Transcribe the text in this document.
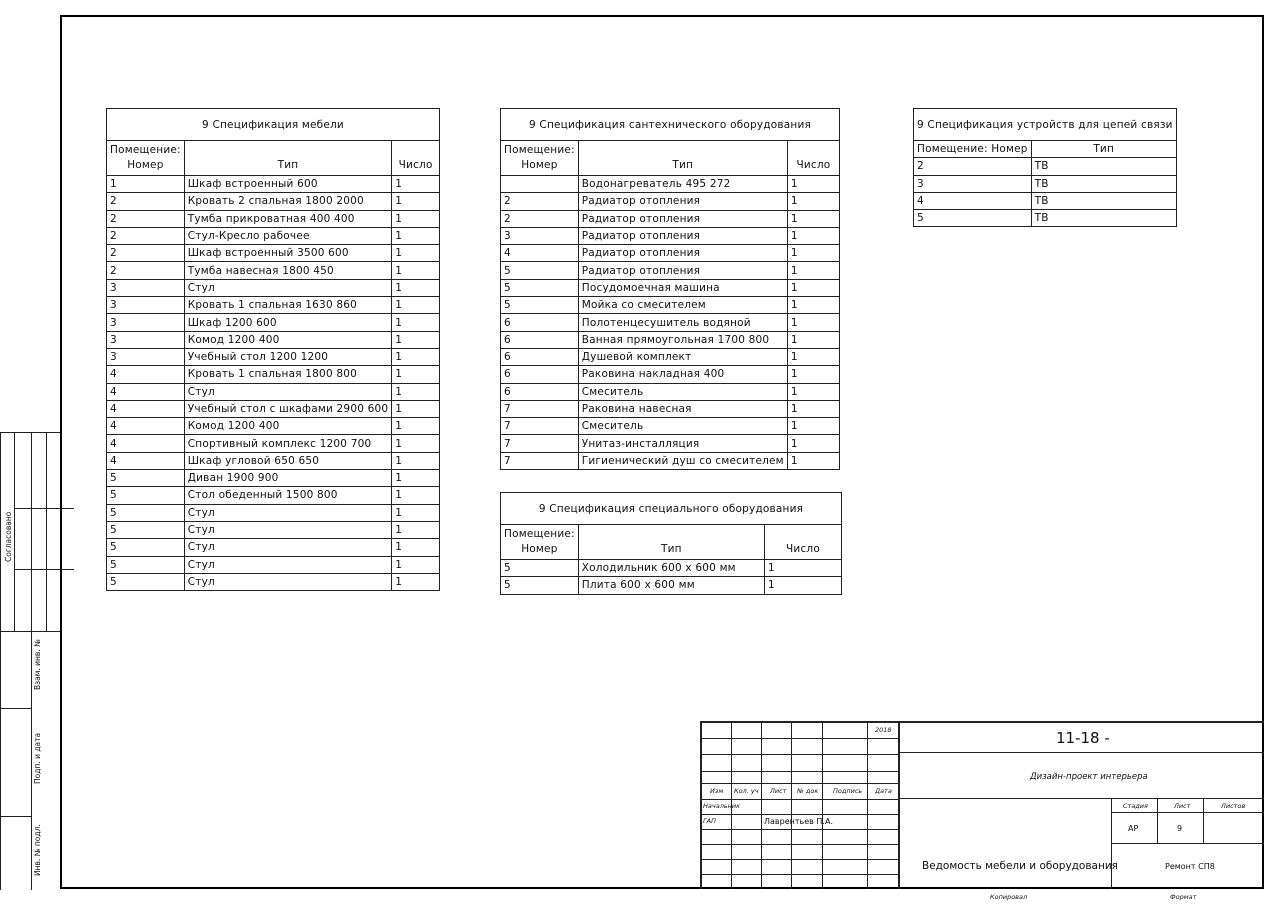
9 Спецификация мебели		
Помещение:
Номер	Тип	Число
1	Шкаф встроенный 600	1
2	Кровать 2 спальная 1800 2000	1
2	Тумба прикроватная 400 400	1
2	Стул-Кресло рабочее	1
2	Шкаф встроенный 3500 600	1
2	Тумба навесная 1800 450	1
3	Стул	1
3	Кровать 1 спальная 1630 860	1
3	Шкаф 1200 600	1
3	Комод 1200 400	1
3	Учебный стол 1200 1200	1
4	Кровать 1 спальная 1800 800	1
4	Стул	1
4	Учебный стол с шкафами 2900 600	1
4	Комод 1200 400	1
4	Спортивный комплекс 1200 700	1
4	Шкаф угловой 650 650	1
5	Диван 1900 900	1
5	Стол обеденный 1500 800	1
5	Стул	1
5	Стул	1
5	Стул	1
5	Стул	1
5	Стул	1
9 Спецификация сантехнического оборудования		
Помещение:
Номер	Тип	Число
	Водонагреватель 495 272	1
2	Радиатор отопления	1
2	Радиатор отопления	1
3	Радиатор отопления	1
4	Радиатор отопления	1
5	Радиатор отопления	1
5	Посудомоечная машина	1
5	Мойка со смесителем	1
6	Полотенцесушитель водяной	1
6	Ванная прямоугольная 1700 800	1
6	Душевой комплект	1
6	Раковина накладная 400	1
6	Смеситель	1
7	Раковина навесная	1
7	Смеситель	1
7	Унитаз-инсталляция	1
7	Гигиенический душ со смесителем	1
9 Спецификация специального оборудования		
Помещение:
Номер	Тип	Число
5	Холодильник 600 х 600 мм	1
5	Плита 600 х 600 мм	1
9 Спецификация устройств для цепей связи	
Помещение: Номер	Тип
2	ТВ
3	ТВ
4	ТВ
5	ТВ
Согласовано
Взам. инв. №
Подп. и дата
Инв. № подл.
2018	11-18 -
Дизайн-проект интерьера
Изм Кол. уч Лист № док Подпись Дата
Начальник
ГАП	Лаврентьев П.А.
Стадия	Лист	Листов
АР	9
Ведомость мебели и оборудования	Ремонт СП8
Копировал	Формат
